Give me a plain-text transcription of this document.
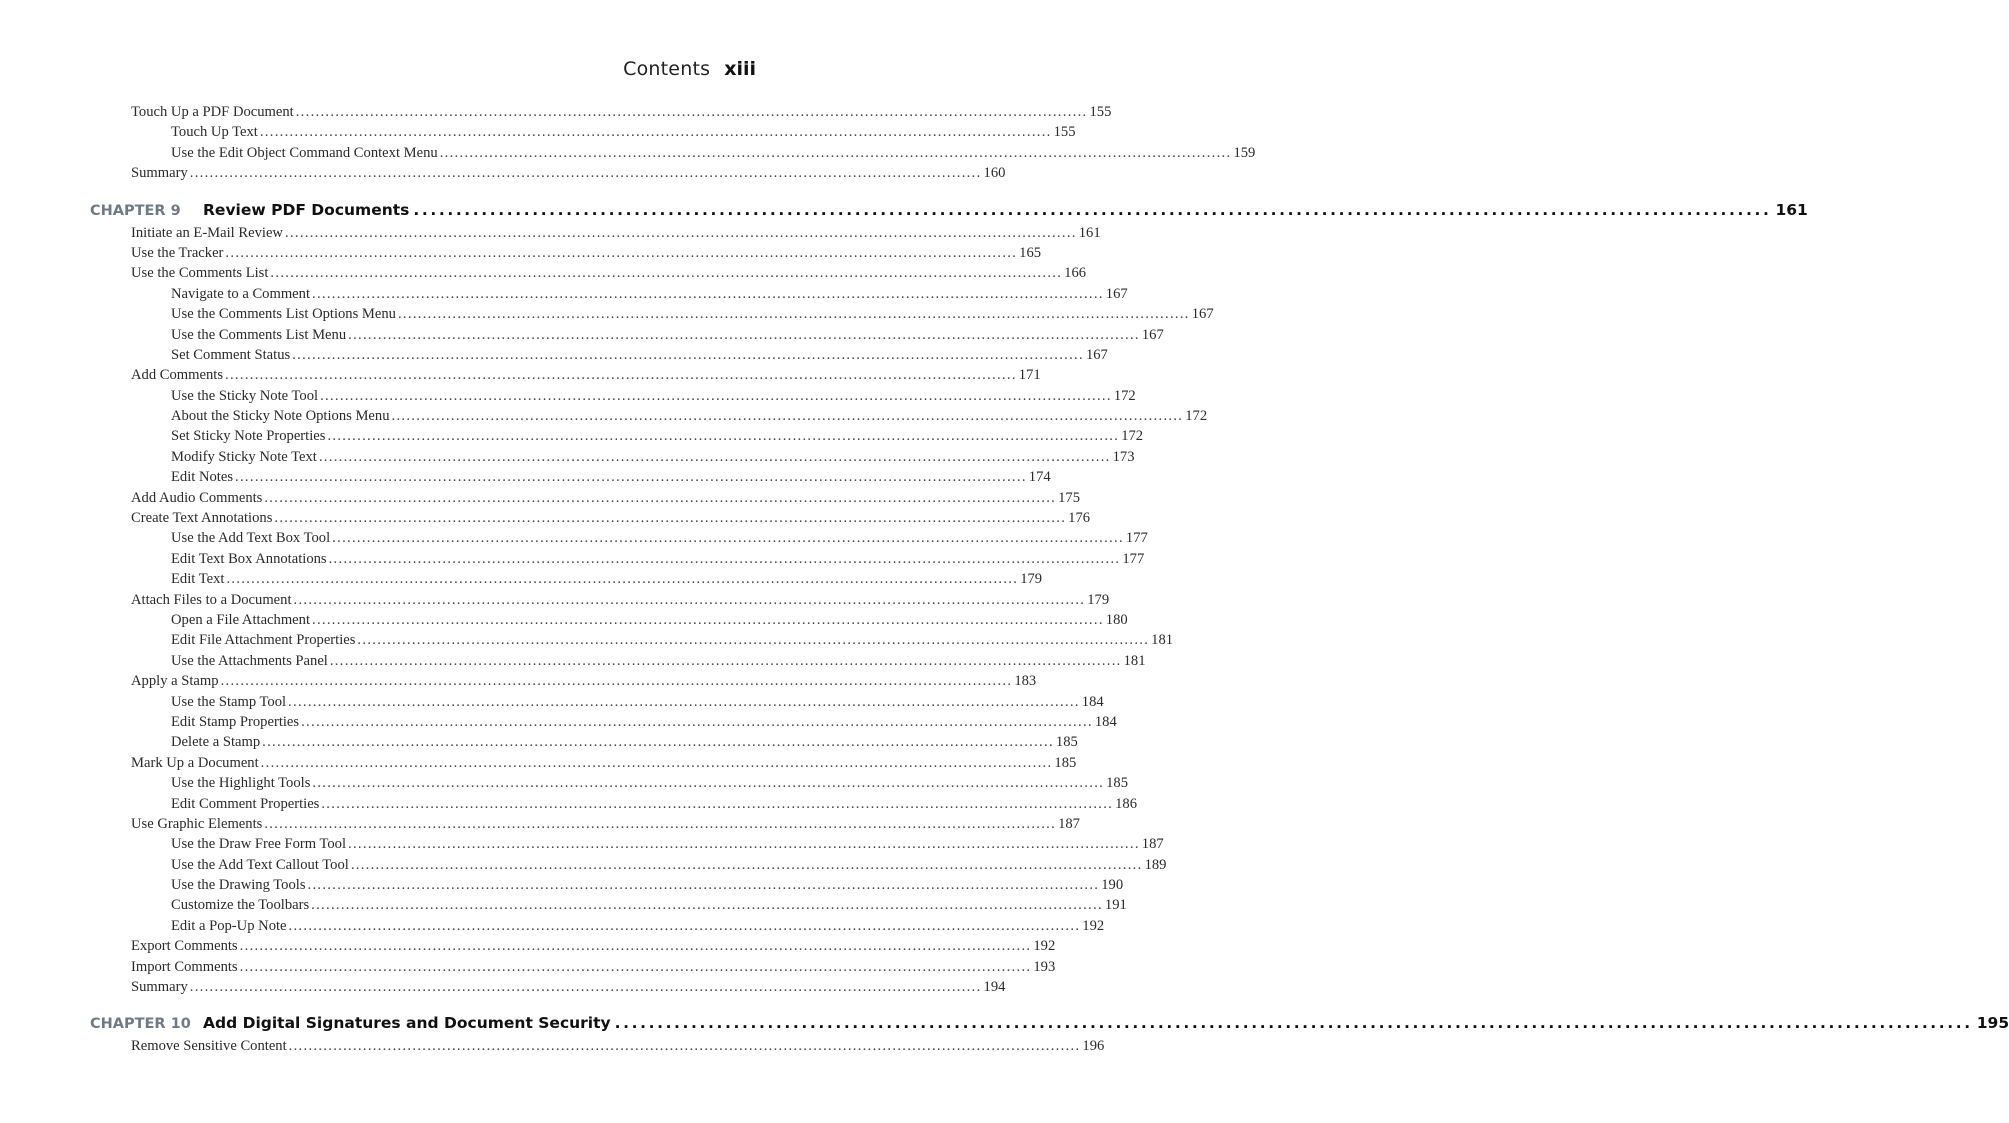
Contents xiii
Touch Up a PDF Document ................................................................................................................................................................ 155
Touch Up Text ................................................................................................................................................................ 155
Use the Edit Object Command Context Menu ................................................................................................................................................................ 159
Summary ................................................................................................................................................................ 160
CHAPTER 9	Review PDF Documents ................................................................................................................................................................ 161
Initiate an E-Mail Review ................................................................................................................................................................ 161
Use the Tracker ................................................................................................................................................................ 165
Use the Comments List ................................................................................................................................................................ 166
Navigate to a Comment ................................................................................................................................................................ 167
Use the Comments List Options Menu ................................................................................................................................................................ 167
Use the Comments List Menu ................................................................................................................................................................ 167
Set Comment Status ................................................................................................................................................................ 167
Add Comments ................................................................................................................................................................ 171
Use the Sticky Note Tool ................................................................................................................................................................ 172
About the Sticky Note Options Menu ................................................................................................................................................................ 172
Set Sticky Note Properties ................................................................................................................................................................ 172
Modify Sticky Note Text ................................................................................................................................................................ 173
Edit Notes ................................................................................................................................................................ 174
Add Audio Comments ................................................................................................................................................................ 175
Create Text Annotations ................................................................................................................................................................ 176
Use the Add Text Box Tool ................................................................................................................................................................ 177
Edit Text Box Annotations ................................................................................................................................................................ 177
Edit Text ................................................................................................................................................................ 179
Attach Files to a Document ................................................................................................................................................................ 179
Open a File Attachment ................................................................................................................................................................ 180
Edit File Attachment Properties ................................................................................................................................................................ 181
Use the Attachments Panel ................................................................................................................................................................ 181
Apply a Stamp ................................................................................................................................................................ 183
Use the Stamp Tool ................................................................................................................................................................ 184
Edit Stamp Properties ................................................................................................................................................................ 184
Delete a Stamp ................................................................................................................................................................ 185
Mark Up a Document ................................................................................................................................................................ 185
Use the Highlight Tools ................................................................................................................................................................ 185
Edit Comment Properties ................................................................................................................................................................ 186
Use Graphic Elements ................................................................................................................................................................ 187
Use the Draw Free Form Tool ................................................................................................................................................................ 187
Use the Add Text Callout Tool ................................................................................................................................................................ 189
Use the Drawing Tools ................................................................................................................................................................ 190
Customize the Toolbars ................................................................................................................................................................ 191
Edit a Pop-Up Note ................................................................................................................................................................ 192
Export Comments ................................................................................................................................................................ 192
Import Comments ................................................................................................................................................................ 193
Summary ................................................................................................................................................................ 194
CHAPTER 10 Add Digital Signatures and Document Security ................................................................................................................................................................ 195
Remove Sensitive Content ................................................................................................................................................................ 196
